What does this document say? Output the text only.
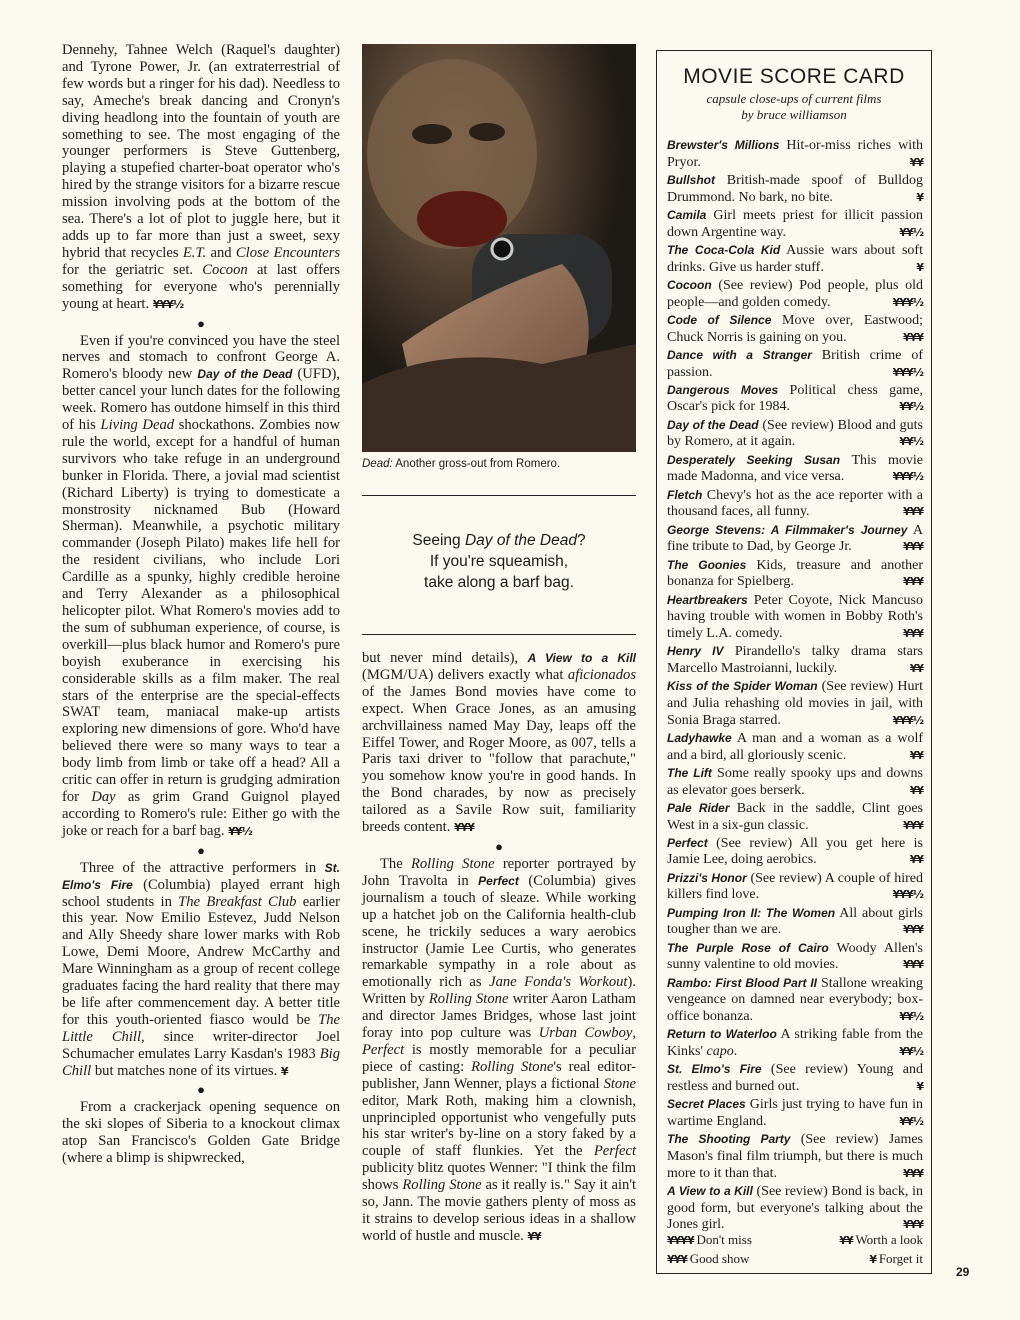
Dennehy, Tahnee Welch (Raquel's daughter) and Tyrone Power, Jr. (an extraterrestrial of few words but a ringer for his dad). Needless to say, Ameche's break dancing and Cronyn's diving headlong into the fountain of youth are something to see. The most engaging of the younger performers is Steve Guttenberg, playing a stupefied charter-boat operator who's hired by the strange visitors for a bizarre rescue mission involving pods at the bottom of the sea. There's a lot of plot to juggle here, but it adds up to far more than just a sweet, sexy hybrid that recycles E.T. and Close Encounters for the geriatric set. Cocoon at last offers something for everyone who's perennially young at heart. ¥¥¥½

●

Even if you're convinced you have the steel nerves and stomach to confront George A. Romero's bloody new Day of the Dead (UFD), better cancel your lunch dates for the following week. Romero has outdone himself in this third of his Living Dead shockathons. Zombies now rule the world, except for a handful of human survivors who take refuge in an underground bunker in Florida. There, a jovial mad scientist (Richard Liberty) is trying to domesticate a monstrosity nicknamed Bub (Howard Sherman). Meanwhile, a psychotic military commander (Joseph Pilato) makes life hell for the resident civilians, who include Lori Cardille as a spunky, highly credible heroine and Terry Alexander as a philosophical helicopter pilot. What Romero's movies add to the sum of subhuman experience, of course, is overkill—plus black humor and Romero's pure boyish exuberance in exercising his considerable skills as a film maker. The real stars of the enterprise are the special-effects SWAT team, maniacal make-up artists exploring new dimensions of gore. Who'd have believed there were so many ways to tear a body limb from limb or take off a head? All a critic can offer in return is grudging admiration for Day as grim Grand Guignol played according to Romero's rule: Either go with the joke or reach for a barf bag. ¥¥½

●

Three of the attractive performers in St. Elmo's Fire (Columbia) played errant high school students in The Breakfast Club earlier this year. Now Emilio Estevez, Judd Nelson and Ally Sheedy share lower marks with Rob Lowe, Demi Moore, Andrew McCarthy and Mare Winningham as a group of recent college graduates facing the hard reality that there may be life after commencement day. A better title for this youth-oriented fiasco would be The Little Chill, since writer-director Joel Schumacher emulates Larry Kasdan's 1983 Big Chill but matches none of its virtues. ¥

●

From a crackerjack opening sequence on the ski slopes of Siberia to a knockout climax atop San Francisco's Golden Gate Bridge (where a blimp is shipwrecked,

Dead: Another gross-out from Romero.
Seeing Day of the Dead?
If you're squeamish,
take along a barf bag.

but never mind details), A View to a Kill (MGM/UA) delivers exactly what aficionados of the James Bond movies have come to expect. When Grace Jones, as an amusing archvillainess named May Day, leaps off the Eiffel Tower, and Roger Moore, as 007, tells a Paris taxi driver to "follow that parachute," you somehow know you're in good hands. In the Bond charades, by now as precisely tailored as a Savile Row suit, familiarity breeds content. ¥¥¥

●

The Rolling Stone reporter portrayed by John Travolta in Perfect (Columbia) gives journalism a touch of sleaze. While working up a hatchet job on the California health-club scene, he trickily seduces a wary aerobics instructor (Jamie Lee Curtis, who generates remarkable sympathy in a role about as emotionally rich as Jane Fonda's Workout). Written by Rolling Stone writer Aaron Latham and director James Bridges, whose last joint foray into pop culture was Urban Cowboy, Perfect is mostly memorable for a peculiar piece of casting: Rolling Stone's real editor-publisher, Jann Wenner, plays a fictional Stone editor, Mark Roth, making him a clownish, unprincipled opportunist who vengefully puts his star writer's by-line on a story faked by a couple of staff flunkies. Yet the Perfect publicity blitz quotes Wenner: "I think the film shows Rolling Stone as it really is." Say it ain't so, Jann. The movie gathers plenty of moss as it strains to develop serious ideas in a shallow world of hustle and muscle. ¥¥

MOVIE SCORE CARD

capsule close-ups of current films

by bruce williamson

Brewster's Millions Hit-or-miss riches with Pryor.	¥¥
Bullshot British-made spoof of Bulldog Drummond. No bark, no bite.	¥
Camila Girl meets priest for illicit passion down Argentine way.	¥¥½
The Coca-Cola Kid Aussie wars about soft drinks. Give us harder stuff.	¥
Cocoon (See review) Pod people, plus old people—and golden comedy.	¥¥¥½
Code of Silence Move over, Eastwood; Chuck Norris is gaining on you.	¥¥¥
Dance with a Stranger British crime of passion.	¥¥¥½
Dangerous Moves Political chess game, Oscar's pick for 1984.	¥¥½
Day of the Dead (See review) Blood and guts by Romero, at it again.	¥¥½
Desperately Seeking Susan This movie made Madonna, and vice versa.	¥¥¥½
Fletch Chevy's hot as the ace reporter with a thousand faces, all funny.	¥¥¥
George Stevens: A Filmmaker's Journey A fine tribute to Dad, by George Jr.	¥¥¥
The Goonies Kids, treasure and another bonanza for Spielberg.	¥¥¥
Heartbreakers Peter Coyote, Nick Mancuso having trouble with women in Bobby Roth's timely L.A. comedy.	¥¥¥
Henry IV Pirandello's talky drama stars Marcello Mastroianni, luckily.	¥¥
Kiss of the Spider Woman (See review) Hurt and Julia rehashing old movies in jail, with Sonia Braga starred.	¥¥¥½
Ladyhawke A man and a woman as a wolf and a bird, all gloriously scenic.	¥¥
The Lift Some really spooky ups and downs as elevator goes berserk.	¥¥
Pale Rider Back in the saddle, Clint goes West in a six-gun classic.	¥¥¥
Perfect (See review) All you get here is Jamie Lee, doing aerobics.	¥¥
Prizzi's Honor (See review) A couple of hired killers find love.	¥¥¥½
Pumping Iron II: The Women All about girls tougher than we are.	¥¥¥
The Purple Rose of Cairo Woody Allen's sunny valentine to old movies.	¥¥¥
Rambo: First Blood Part II Stallone wreaking vengeance on damned near everybody; box-office bonanza.	¥¥½
Return to Waterloo A striking fable from the Kinks' capo.	¥¥½
St. Elmo's Fire (See review) Young and restless and burned out.	¥
Secret Places Girls just trying to have fun in wartime England.	¥¥½
The Shooting Party (See review) James Mason's final film triumph, but there is much more to it than that.	¥¥¥
A View to a Kill (See review) Bond is back, in good form, but everyone's talking about the Jones girl.	¥¥¥
¥¥¥¥ Don't miss	¥¥ Worth a look
¥¥¥ Good show	¥ Forget it
29
